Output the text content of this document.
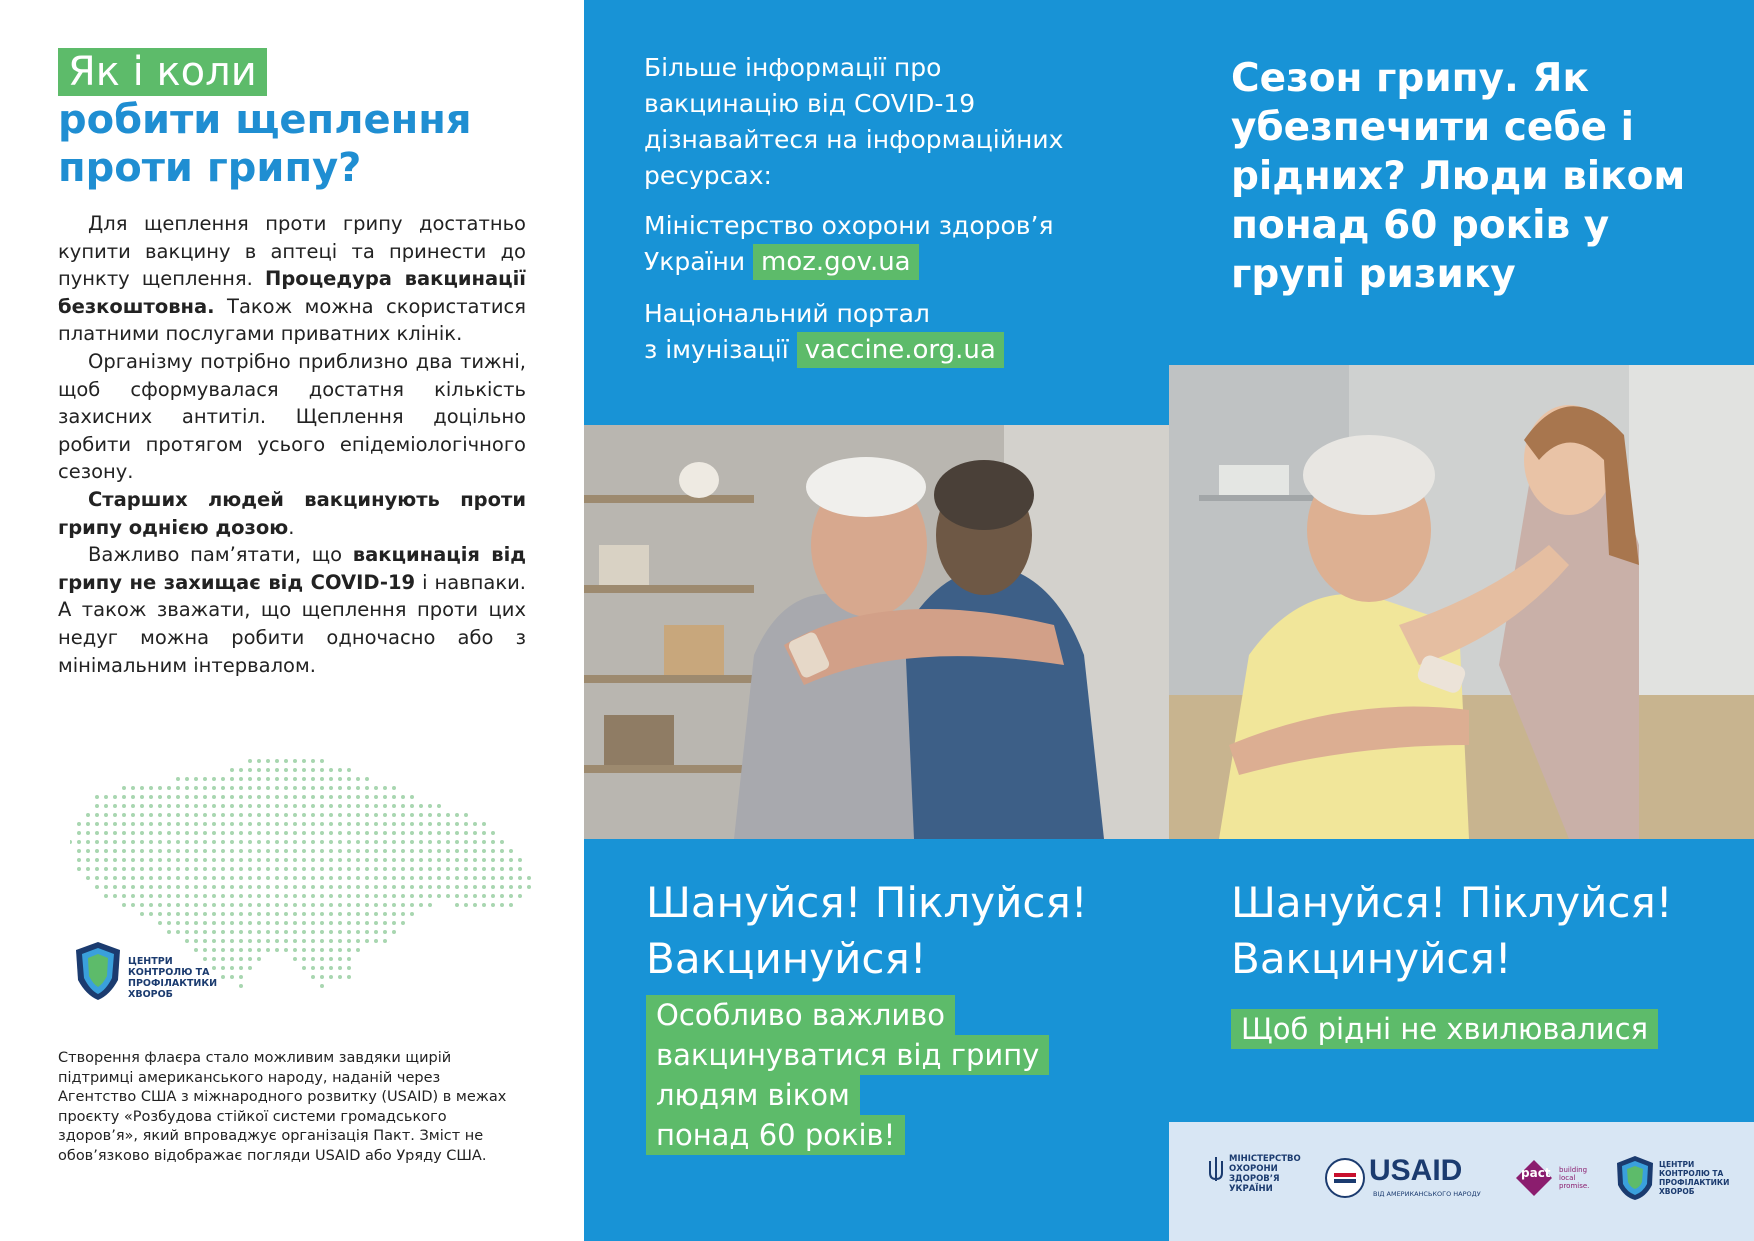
Як і коли
робити щеплення
проти грипу?

Для щеплення проти грипу достатньо купити вакцину в аптеці та принести до пункту щеплення. Процедура вакцинації безкоштовна. Також можна скористатися платними послугами приватних клінік.

Організму потрібно приблизно два тижні, щоб сформувалася достатня кількість захисних антитіл. Щеплення доцільно робити протягом усього епідеміологічного сезону.

Старших людей вакцинують проти грипу однією дозою.

Важливо пам’ятати, що вакцинація від грипу не захищає від COVID-19 і навпаки. А також зважати, що щеплення проти цих недуг можна робити одночасно або з мінімальним інтервалом.

ЦЕНТРИ КОНТРОЛЮ ТА ПРОФІЛАКТИКИ ХВОРОБ
Створення флаєра стало можливим завдяки щирій підтримці американського народу, наданій через Агентство США з міжнародного розвитку (USAID) в межах проєкту «Розбудова стійкої системи громадського здоров’я», який впроваджує організація Пакт. Зміст не обов’язково відображає погляди USAID або Уряду США.
Більше інформації про
вакцинацію від COVID-19
дізнавайтеся на інформаційних
ресурсах:
Міністерство охорони здоров’я
України moz.gov.ua
Національний портал
з імунізації vaccine.org.ua
Шануйся! Піклуйся!
Вакцинуйся!
Особливо важливо
вакцинуватися від грипу
людям віком
понад 60 років!
Сезон грипу. Як убезпечити себе і рідних? Люди віком понад 60 років у групі ризику
Шануйся! Піклуйся!
Вакцинуйся!
Щоб рідні не хвилювалися
МІНІСТЕРСТВО ОХОРОНИ ЗДОРОВ’Я УКРАЇНИ
USAID
ВІД АМЕРИКАНСЬКОГО НАРОДУ
pact building local promise.
ЦЕНТРИ КОНТРОЛЮ ТА ПРОФІЛАКТИКИ ХВОРОБ
